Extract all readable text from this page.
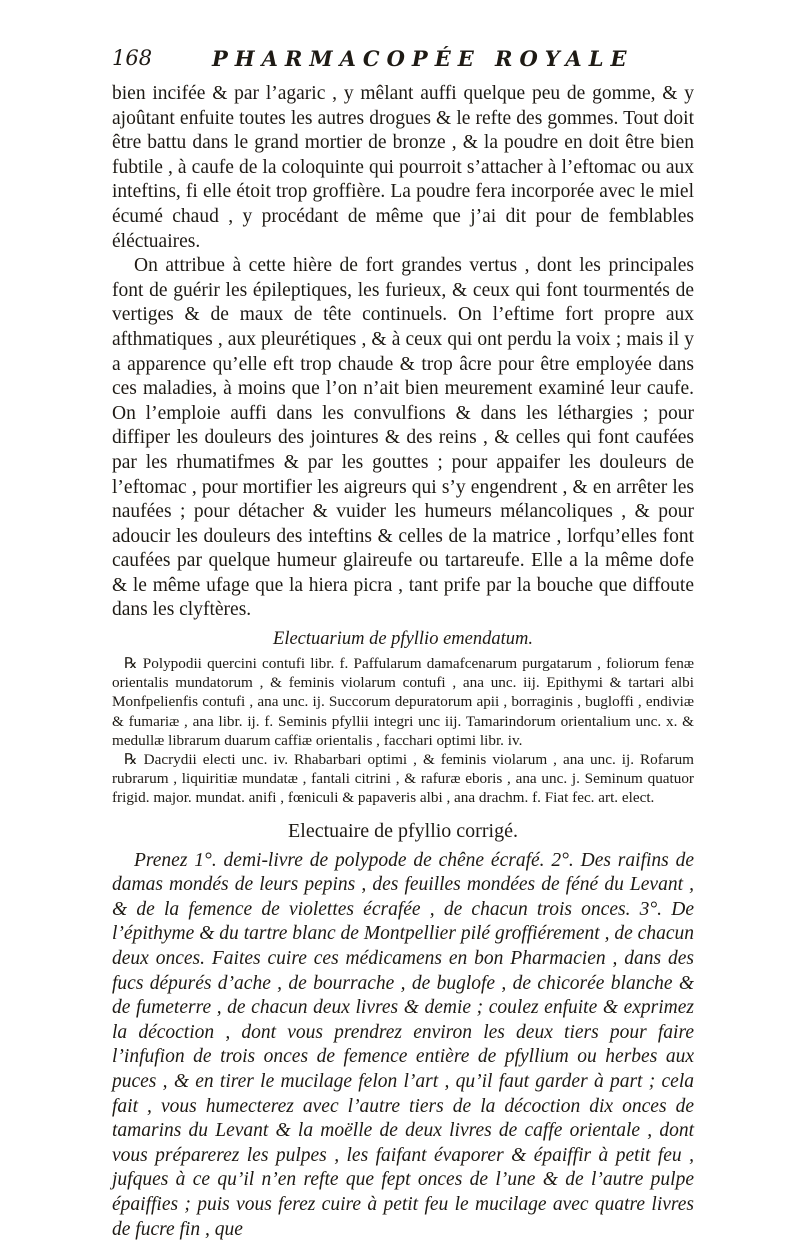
168	PHARMACOPÉE ROYALE

bien incifée & par l’agaric , y mêlant auffi quelque peu de gomme, & y ajoûtant enfuite toutes les autres drogues & le refte des gommes. Tout doit être battu dans le grand mortier de bronze , & la poudre en doit être bien fubtile , à caufe de la coloquinte qui pourroit s’attacher à l’eftomac ou aux inteftins, fi elle étoit trop groffière. La poudre fera incorporée avec le miel écumé chaud , y procédant de même que j’ai dit pour de femblables éléctuaires.

On attribue à cette hière de fort grandes vertus , dont les principales font de guérir les épileptiques, les furieux, & ceux qui font tourmentés de vertiges & de maux de tête continuels. On l’eftime fort propre aux afthmatiques , aux pleurétiques , & à ceux qui ont perdu la voix ; mais il y a apparence qu’elle eft trop chaude & trop âcre pour être employée dans ces maladies, à moins que l’on n’ait bien meurement examiné leur caufe. On l’emploie auffi dans les convulfions & dans les léthargies ; pour diffiper les douleurs des jointures & des reins , & celles qui font caufées par les rhumatifmes & par les gouttes ; pour appaifer les douleurs de l’eftomac , pour mortifier les aigreurs qui s’y engendrent , & en arrêter les naufées ; pour détacher & vuider les humeurs mélancoliques , & pour adoucir les douleurs des inteftins & celles de la matrice , lorfqu’elles font caufées par quelque humeur glaireufe ou tartareufe. Elle a la même dofe & le même ufage que la hiera picra , tant prife par la bouche que diffoute dans les clyftères.

Electuarium de pfyllio emendatum.

℞ Polypodii quercini contufi libr. f. Paffularum damafcenarum purgatarum , foliorum fenæ orientalis mundatorum , & feminis violarum contufi , ana unc. iij. Epithymi & tartari albi Monfpelienfis contufi , ana unc. ij. Succorum depuratorum apii , borraginis , bugloffi , endiviæ & fumariæ , ana libr. ij. f. Seminis pfyllii integri unc iij. Tamarindorum orientalium unc. x. & medullæ librarum duarum caffiæ orientalis , facchari optimi libr. iv.

℞ Dacrydii electi unc. iv. Rhabarbari optimi , & feminis violarum , ana unc. ij. Rofarum rubrarum , liquiritiæ mundatæ , fantali citrini , & rafuræ eboris , ana unc. j. Seminum quatuor frigid. major. mundat. anifi , fœniculi & papaveris albi , ana drachm. f. Fiat fec. art. elect.

Electuaire de pfyllio corrigé.

Prenez 1°. demi-livre de polypode de chêne écrafé. 2°. Des raifins de damas mondés de leurs pepins , des feuilles mondées de féné du Levant , & de la femence de violettes écrafée , de chacun trois onces. 3°. De l’épithyme & du tartre blanc de Montpellier pilé groffiérement , de chacun deux onces. Faites cuire ces médicamens en bon Pharmacien , dans des fucs dépurés d’ache , de bourrache , de buglofe , de chicorée blanche & de fumeterre , de chacun deux livres & demie ; coulez enfuite & exprimez la décoction , dont vous prendrez environ les deux tiers pour faire l’infufion de trois onces de femence entière de pfyllium ou herbes aux puces , & en tirer le mucilage felon l’art , qu’il faut garder à part ; cela fait , vous humecterez avec l’autre tiers de la décoction dix onces de tamarins du Levant & la moëlle de deux livres de caffe orientale , dont vous préparerez les pulpes , les faifant évaporer & épaiffir à petit feu , jufques à ce qu’il n’en refte que fept onces de l’une & de l’autre pulpe épaiffies ; puis vous ferez cuire à petit feu le mucilage avec quatre livres de fucre fin , que
